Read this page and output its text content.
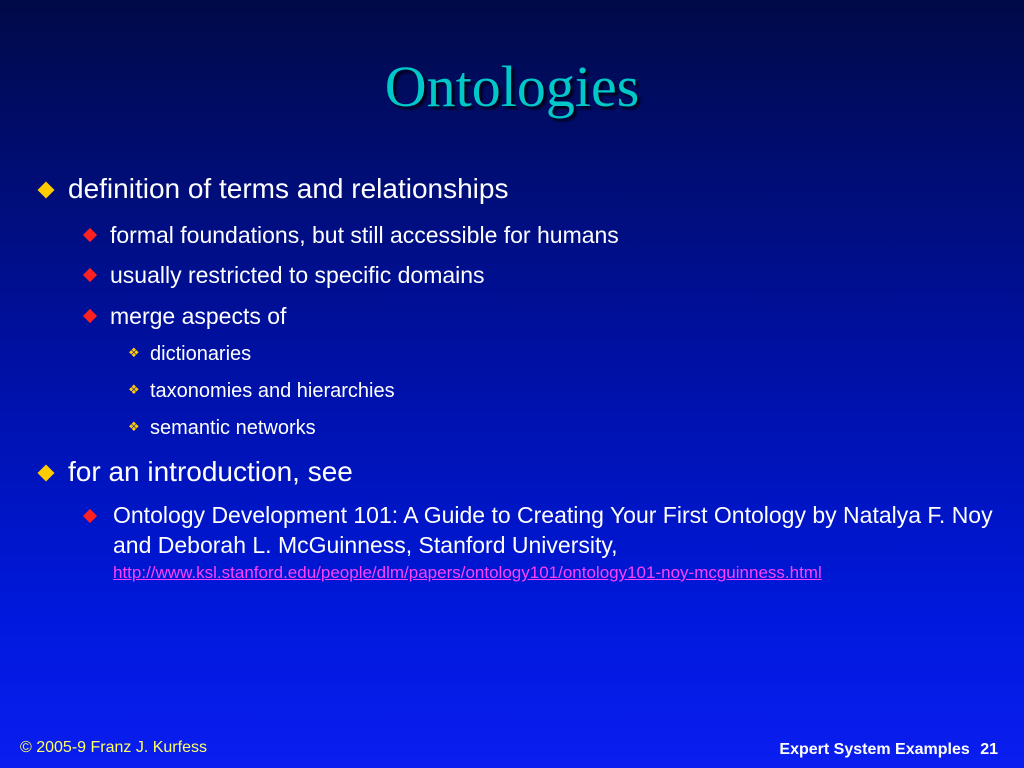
Ontologies
definition of terms and relationships
formal foundations, but still accessible for humans
usually restricted to specific domains
merge aspects of
❖ dictionaries
❖ taxonomies and hierarchies
❖ semantic networks
for an introduction, see
Ontology Development 101: A Guide to Creating Your First Ontology by Natalya F. Noy and Deborah L. McGuinness, Stanford University,
http://www.ksl.stanford.edu/people/dlm/papers/ontology101/ontology101-noy-mcguinness.html
© 2005-9 Franz J. Kurfess	Expert System Examples 21
